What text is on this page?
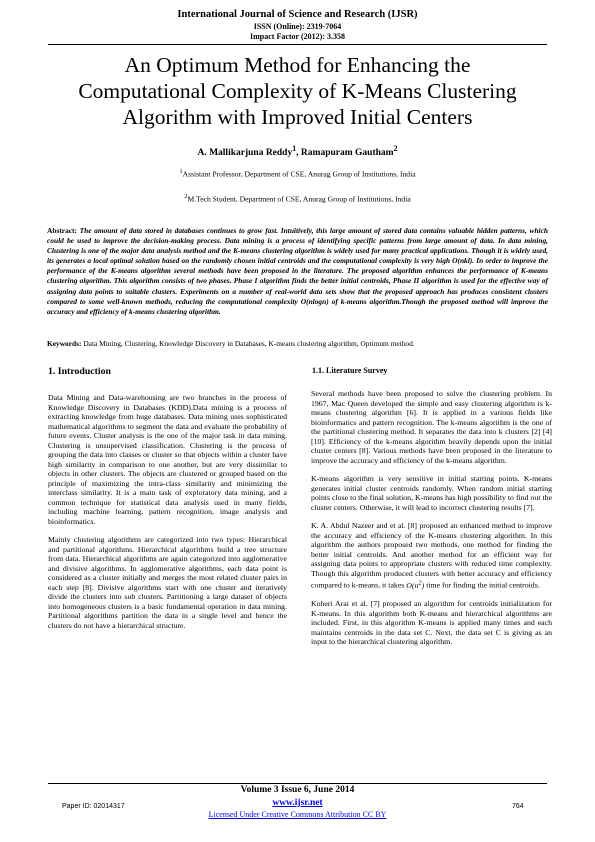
International Journal of Science and Research (IJSR)
ISSN (Online): 2319-7064
Impact Factor (2012): 3.358
An Optimum Method for Enhancing the
Computational Complexity of K-Means Clustering
Algorithm with Improved Initial Centers
A. Mallikarjuna Reddy$^1$, Ramapuram Gautham$^2$
$^1$Assistant Professor, Department of CSE, Anurag Group of Institutions, India
$^2$M.Tech Student, Department of CSE, Anurag Group of Institutions, India
Abstract: The amount of data stored in databases continues to grow fast. Intuitively, this large amount of stored data contains valuable hidden patterns, which could be used to improve the decision-making process. Data mining is a process of identifying specific patterns from large amount of data. In data mining, Clustering is one of the major data analysis method and the K-means clustering algorithm is widely used for many practical applications. Though it is widely used, its generates a local optimal solution based on the randomly chosen initial centroids and the computational complexity is very high O(nkl). In order to improve the performance of the K-means algorithm several methods have been proposed in the literature. The proposed algorithm enhances the performance of K-means clustering algorithm. This algorithm consists of two phases. Phase I algorithm finds the better initial centroids, Phase II algorithm is used for the effective way of assigning data points to suitable clusters. Experiments on a number of real-world data sets show that the proposed approach has produces consistent clusters compared to some well-known methods, reducing the computational complexity O(nlogn) of k-means algorithm.Though the proposed method will improve the accuracy and efficiency of k-means clustering algorithm.
Keywords: Data Mining, Clustering, Knowledge Discovery in Databases, K-means clustering algorithm, Optimum method.
1. Introduction	1.1. Literature Survey

Data Mining and Data-warehousing are two branches in the process of Knowledge Discovery in Databases (KDD).Data mining is a process of extracting knowledge from huge databases. Data mining uses sophisticated mathematical algorithms to segment the data and evaluate the probability of future events. Cluster analysis is the one of the major task in data mining. Clustering is unsupervised classification. Clustering is the process of grouping the data into classes or cluster so that objects within a cluster have high similarity in comparison to one another, but are very dissimilar to objects in other clusters. The objects are clustered or grouped based on the principle of maximizing the intra-class similarity and minimizing the interclass similarity. It is a main task of exploratory data mining, and a common technique for statistical data analysis used in many fields, including machine learning, pattern recognition, image analysis and bioinformatics.

Mainly clustering algorithms are categorized into two types: Hierarchical and partitional algorithms. Hierarchical algorithms build a tree structure from data. Hierarchical algorithms are again categorized into agglomerative and divisive algorithms. In agglomerative algorithms, each data point is considered as a cluster initially and merges the most related cluster pairs in each step [8]. Divisive algorithms start with one cluster and iteratively divide the clusters into sub clusters. Partitioning a large dataset of objects into homogeneous clusters is a basic fundamental operation in data mining. Partitional algorithms partition the data in a single level and hence the clusters do not have a hierarchical structure.

Several methods have been proposed to solve the clustering problem. In 1967, Mac Queen developed the simple and easy clustering algorithm is k-means clustering algorithm [6]. It is applied in a various fields like bioinformatics and pattern recognition. The k-means algorithm is the one of the partitional clustering method. It separates the data into k clusters [2] [4] [10]. Efficiency of the k-means algorithm heavily depends upon the initial cluster centers [8]. Various methods have been proposed in the literature to improve the accuracy and efficiency of the k-means algorithm.

K-means algorithm is very sensitive in initial starting points. K-means generates initial cluster centroids randomly. When random initial starting points close to the final solution, K-means has high possibility to find out the cluster centers. Otherwise, it will lead to incorrect clustering results [7].

K. A. Abdul Nazeer and et al. [8] proposed an enhanced method to improve the accuracy and efficiency of the K-means clustering algorithm. In this algorithm the authors proposed two methods, one method for finding the better initial centroids. And another method for an efficient way for assigning data points to appropriate clusters with reduced time complexity. Though this algorithm produced clusters with better accuracy and efficiency compared to k-means, it takes $O(n^2)$ time for finding the initial centroids.

Koheri Arai et al. [7] proposed an algorithm for centroids initialization for K-means. In this algorithm both K-means and hierarchical algorithms are included. First, in this algorithm K-means is applied many times and each maintains centroids in the data set C. Next, the data set C is giving as an input to the hierarchical clustering algorithm.

Volume 3 Issue 6, June 2014
www.ijsr.net
Licensed Under Creative Commons Attribution CC BY
Paper ID: 02014317	764
